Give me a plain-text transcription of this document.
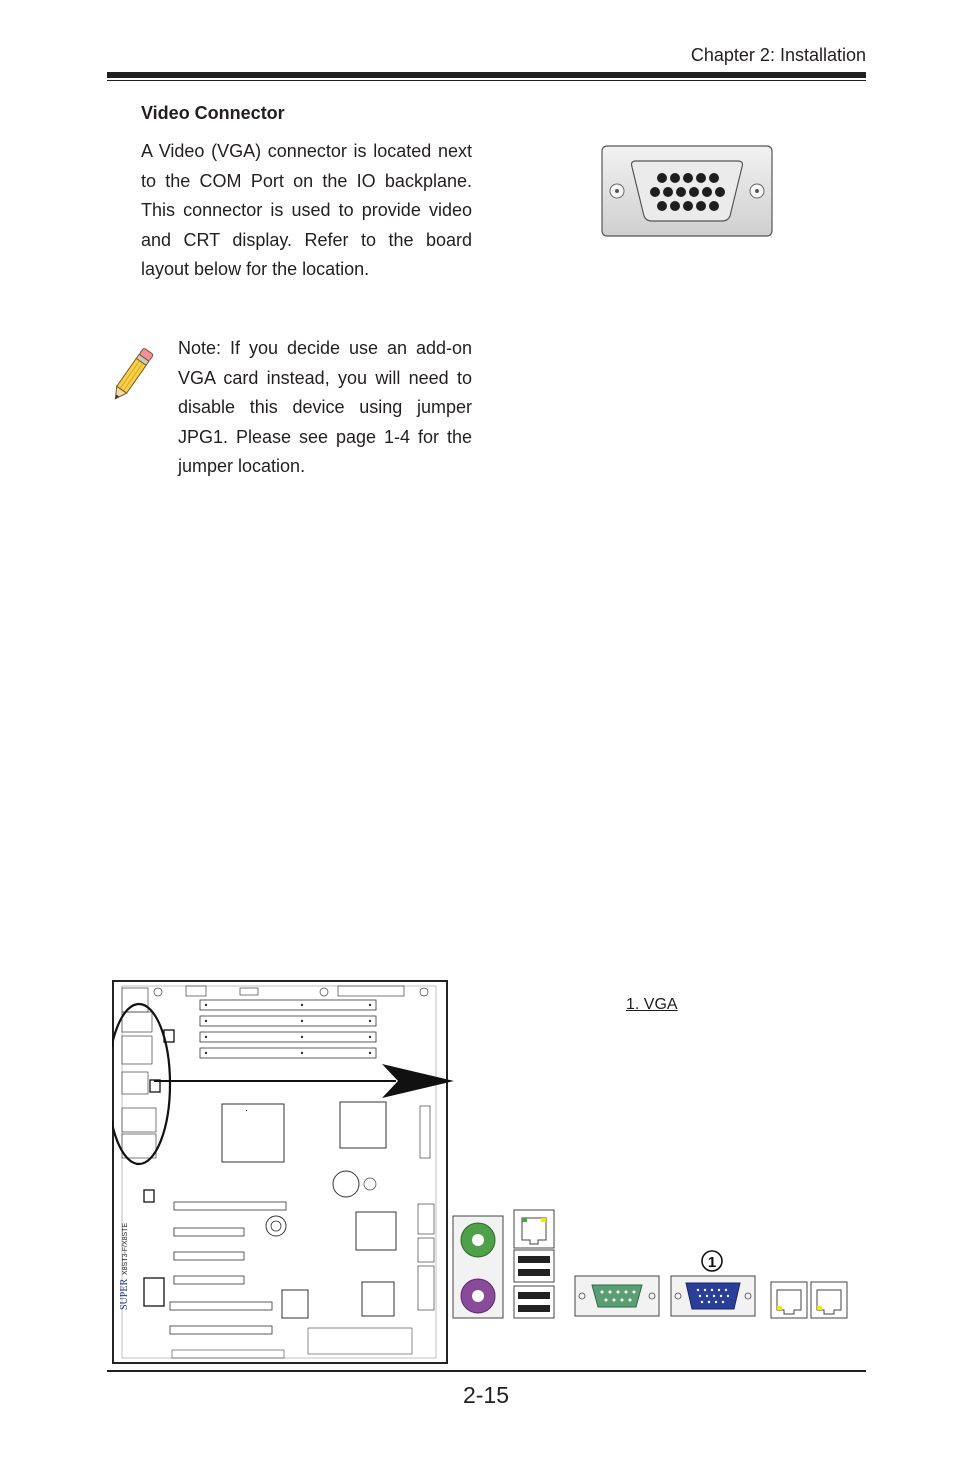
Chapter 2: Installation
Video Connector
A Video (VGA) connector is located next to the COM Port on the IO backplane. This connector is used to provide video and CRT display. Refer to the board layout below for the location.
Note: If you decide use an add-on VGA card instead, you will need to disable this device using jumper JPG1. Please see page 1-4 for the jumper location.
SUPER
X8ST3-F/X8STE
1. VGA
1
2-15
